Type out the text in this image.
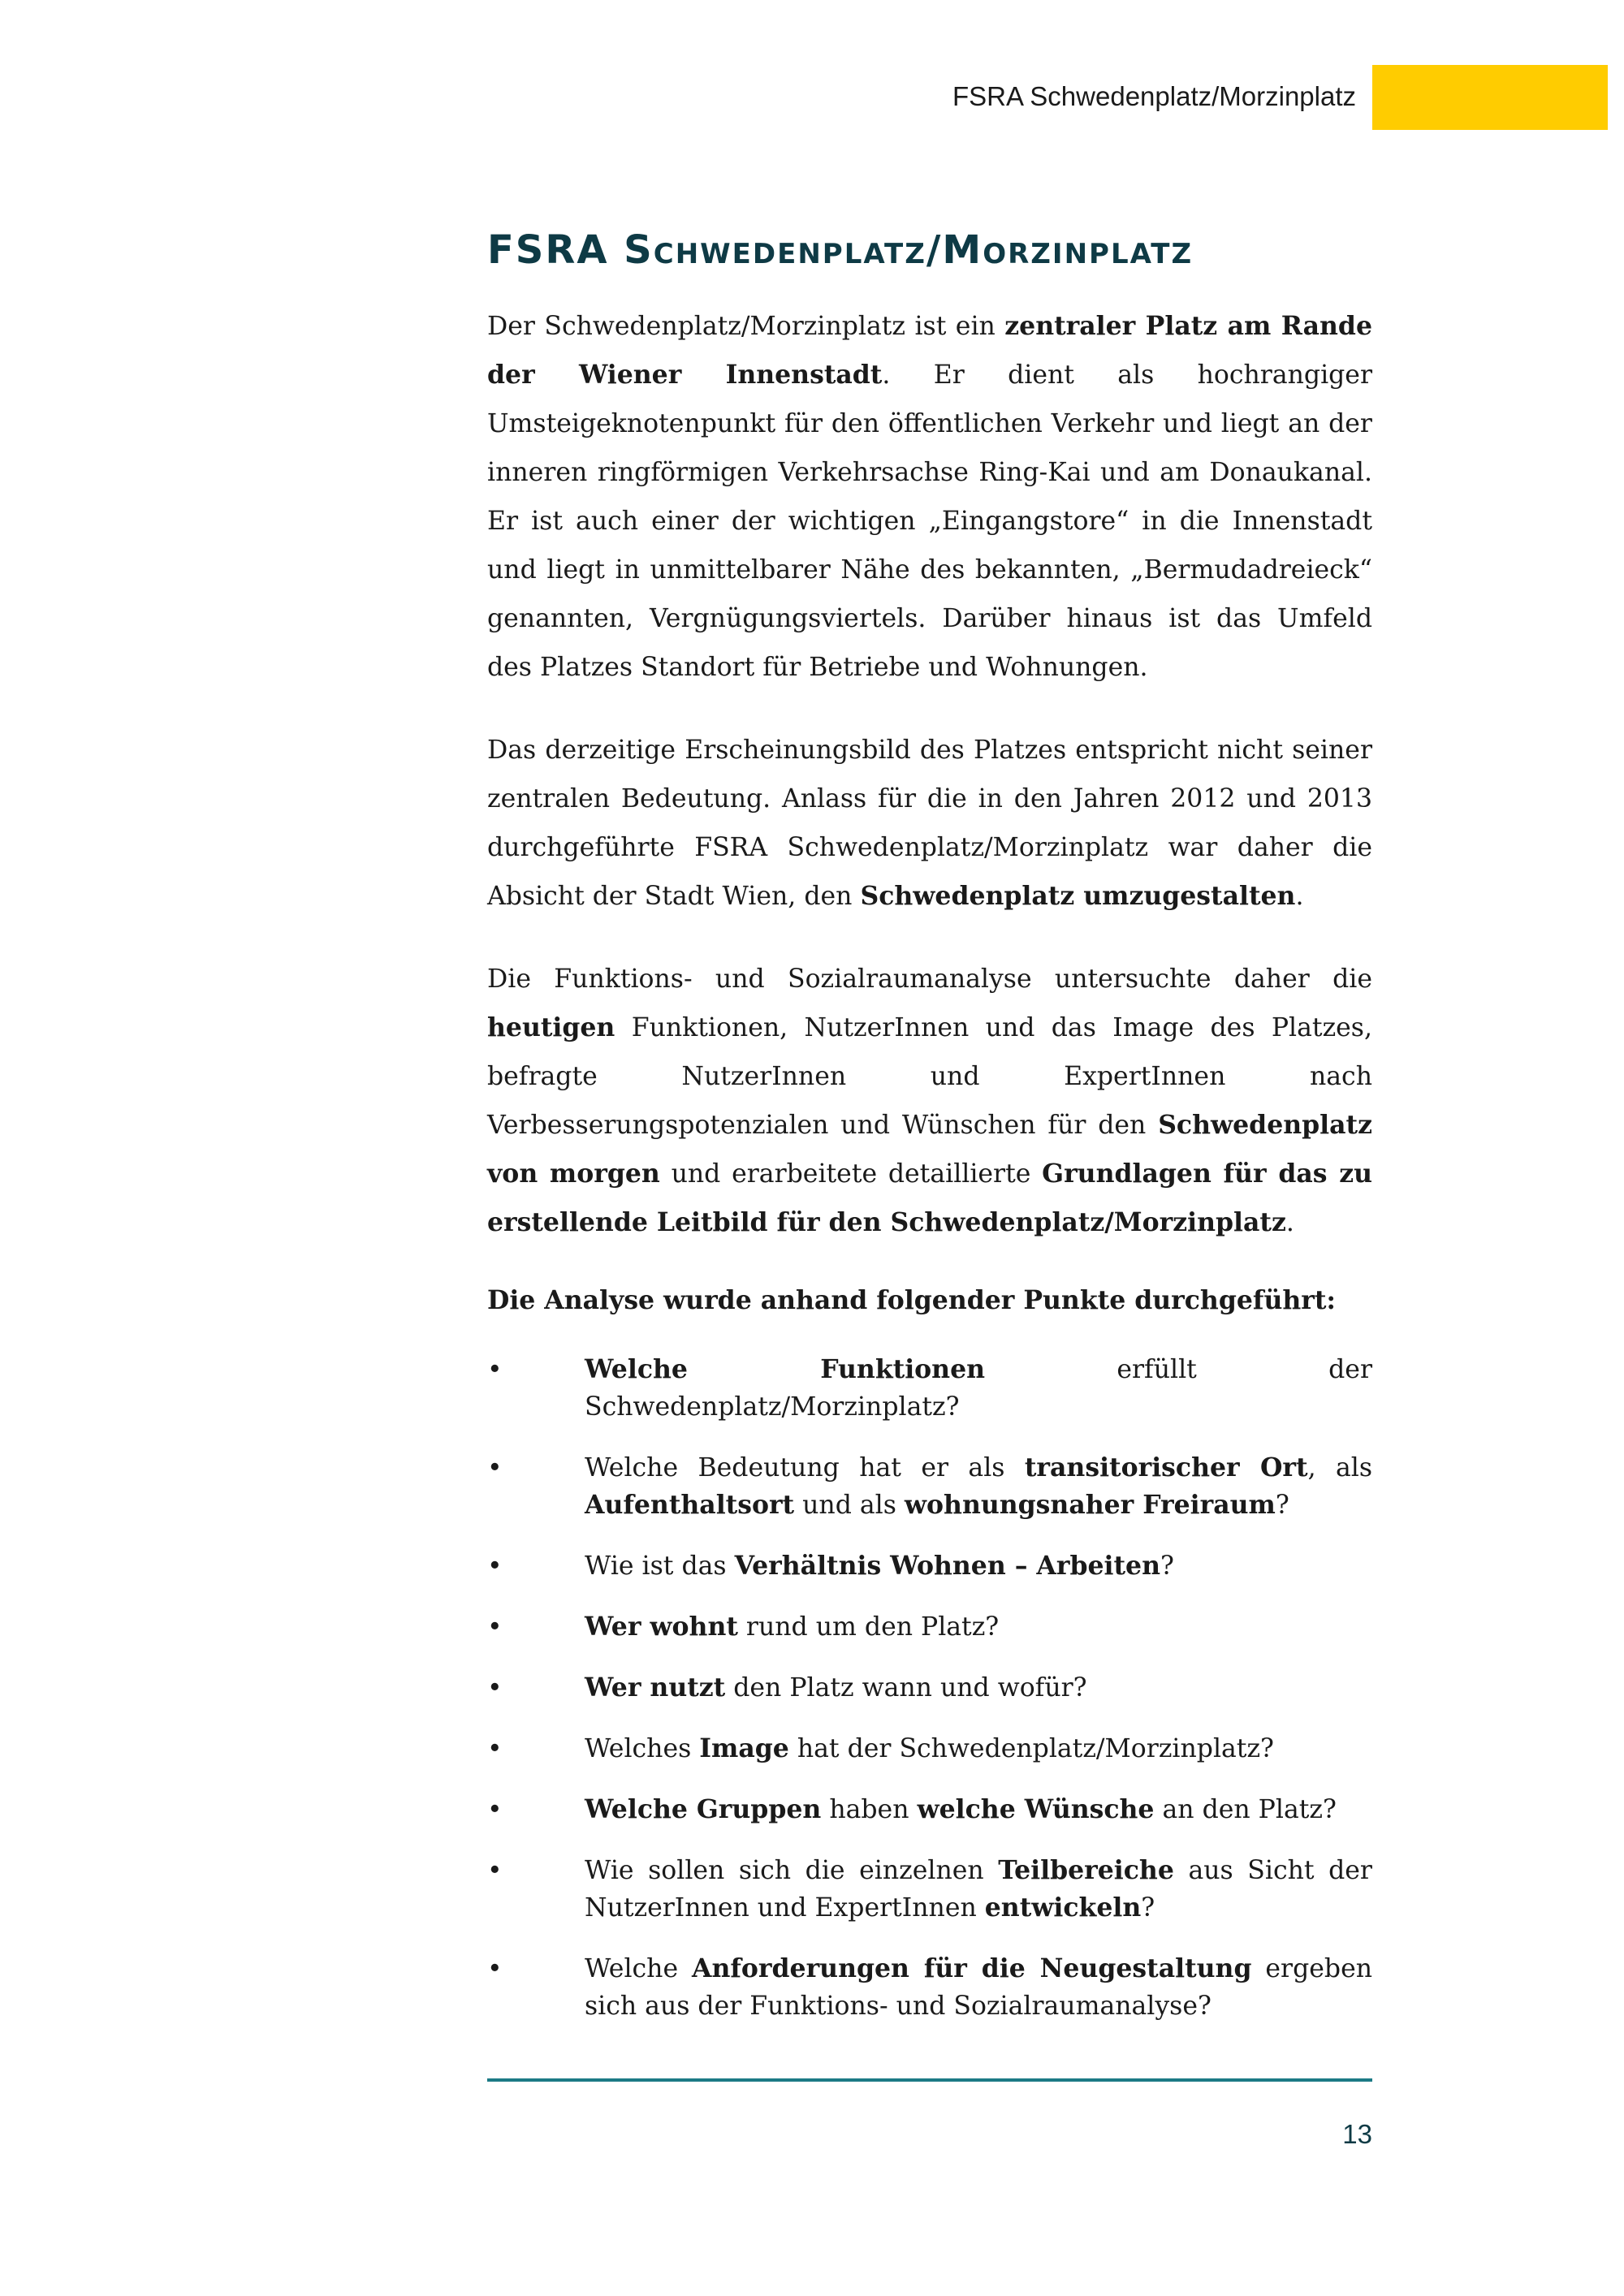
FSRA Schwedenplatz/Morzinplatz
FSRA Schwedenplatz/Morzinplatz

Der Schwedenplatz/Morzinplatz ist ein zentraler Platz am Rande der Wiener Innenstadt. Er dient als hochrangiger Umsteigeknotenpunkt für den öffentlichen Verkehr und liegt an der inneren ringförmigen Verkehrsachse Ring-Kai und am Donaukanal. Er ist auch einer der wichtigen „Eingangstore“ in die Innenstadt und liegt in unmittelbarer Nähe des bekannten, „Bermudadreieck“ genannten, Vergnügungsviertels. Darüber hinaus ist das Umfeld des Platzes Standort für Betriebe und Wohnungen.

Das derzeitige Erscheinungsbild des Platzes entspricht nicht seiner zentralen Bedeutung. Anlass für die in den Jahren 2012 und 2013 durchgeführte FSRA Schwedenplatz/Morzinplatz war daher die Absicht der Stadt Wien, den Schwedenplatz umzugestalten.

Die Funktions- und Sozialraumanalyse untersuchte daher die heutigen Funktionen, NutzerInnen und das Image des Platzes, befragte NutzerInnen und ExpertInnen nach Verbesserungspotenzialen und Wünschen für den Schwedenplatz von morgen und erarbeitete detaillierte Grundlagen für das zu erstellende Leitbild für den Schwedenplatz/Morzinplatz.

Die Analyse wurde anhand folgender Punkte durchgeführt:

•	Welche Funktionen erfüllt der Schwedenplatz/Morzinplatz?
•	Welche Bedeutung hat er als transitorischer Ort, als Aufenthaltsort und als wohnungsnaher Freiraum?
•	Wie ist das Verhältnis Wohnen – Arbeiten?
•	Wer wohnt rund um den Platz?
•	Wer nutzt den Platz wann und wofür?
•	Welches Image hat der Schwedenplatz/Morzinplatz?
•	Welche Gruppen haben welche Wünsche an den Platz?
•	Wie sollen sich die einzelnen Teilbereiche aus Sicht der NutzerInnen und ExpertInnen entwickeln?
•	Welche Anforderungen für die Neugestaltung ergeben sich aus der Funktions- und Sozialraumanalyse?
13
